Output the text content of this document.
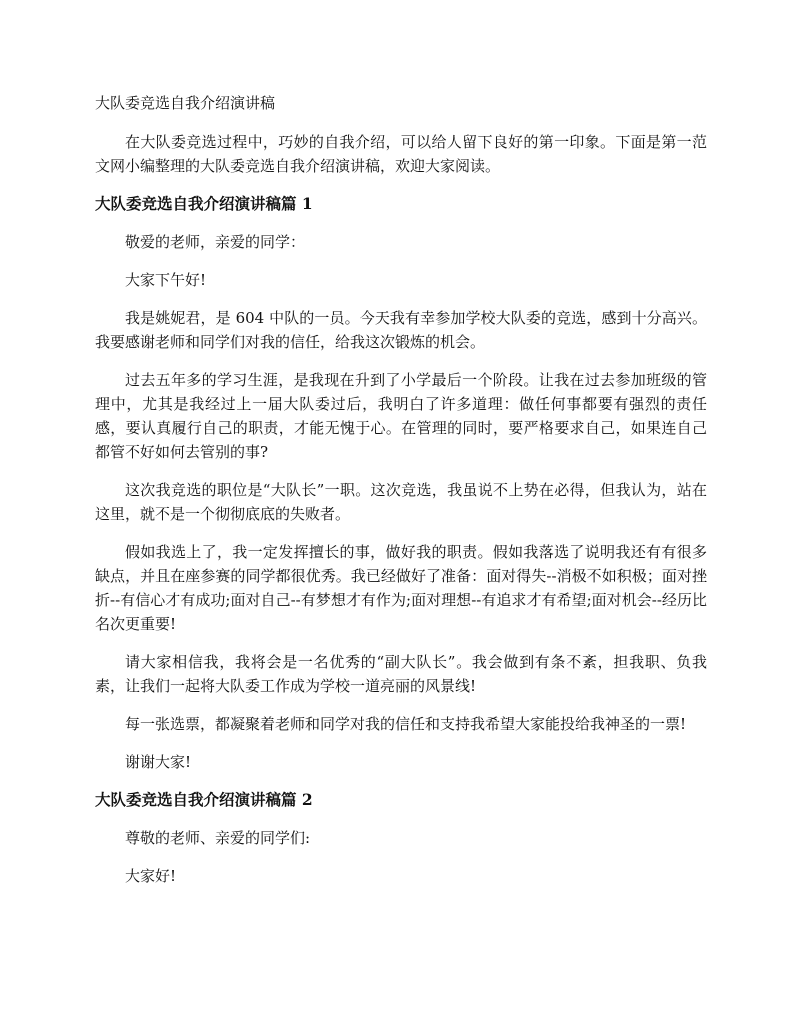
大队委竞选自我介绍演讲稿

在大队委竞选过程中，巧妙的自我介绍，可以给人留下良好的第一印象。下面是第一范文网小编整理的大队委竞选自我介绍演讲稿，欢迎大家阅读。

大队委竞选自我介绍演讲稿篇 1

敬爱的老师，亲爱的同学：

大家下午好!

我是姚妮君，是 604 中队的一员。今天我有幸参加学校大队委的竞选，感到十分高兴。我要感谢老师和同学们对我的信任，给我这次锻炼的机会。

过去五年多的学习生涯，是我现在升到了小学最后一个阶段。让我在过去参加班级的管理中，尤其是我经过上一届大队委过后，我明白了许多道理：做任何事都要有强烈的责任感，要认真履行自己的职责，才能无愧于心。在管理的同时，要严格要求自己，如果连自己都管不好如何去管别的事?

这次我竞选的职位是“大队长”一职。这次竞选，我虽说不上势在必得，但我认为，站在这里，就不是一个彻彻底底的失败者。

假如我选上了，我一定发挥擅长的事，做好我的职责。假如我落选了说明我还有有很多缺点，并且在座参赛的同学都很优秀。我已经做好了准备：面对得失--消极不如积极；面对挫折--有信心才有成功;面对自己--有梦想才有作为;面对理想--有追求才有希望;面对机会--经历比名次更重要!

请大家相信我，我将会是一名优秀的“副大队长”。我会做到有条不紊，担我职、负我素，让我们一起将大队委工作成为学校一道亮丽的风景线!

每一张选票，都凝聚着老师和同学对我的信任和支持我希望大家能投给我神圣的一票!

谢谢大家!

大队委竞选自我介绍演讲稿篇 2

尊敬的老师、亲爱的同学们:

大家好!
